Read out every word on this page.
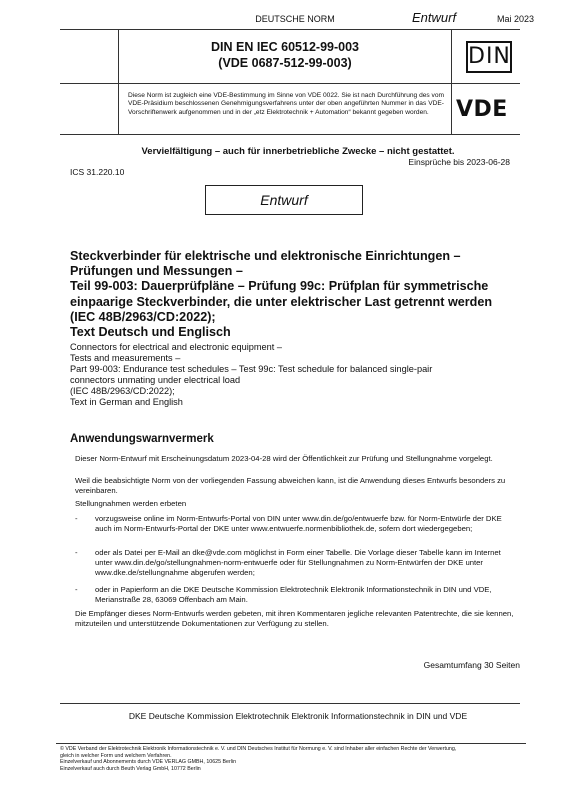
DEUTSCHE NORM	Entwurf	Mai 2023
DIN EN IEC 60512-99-003
(VDE 0687-512-99-003)	DIN
Diese Norm ist zugleich eine VDE-Bestimmung im Sinne von VDE 0022. Sie ist nach Durchführung des vom VDE-Präsidium beschlossenen Genehmigungsverfahrens unter der oben angeführten Nummer in das VDE-Vorschriftenwerk aufgenommen und in der „etz Elektrotechnik + Automation“ bekannt gegeben worden.	VDE
Vervielfältigung – auch für innerbetriebliche Zwecke – nicht gestattet.
Einsprüche bis 2023-06-28
ICS 31.220.10
Entwurf
Steckverbinder für elektrische und elektronische Einrichtungen –
Prüfungen und Messungen –
Teil 99-003: Dauerprüfpläne – Prüfung 99c: Prüfplan für symmetrische
einpaarige Steckverbinder, die unter elektrischer Last getrennt werden
(IEC 48B/2963/CD:2022);
Text Deutsch und Englisch
Connectors for electrical and electronic equipment –
Tests and measurements –
Part 99-003: Endurance test schedules – Test 99c: Test schedule for balanced single-pair
connectors unmating under electrical load
(IEC 48B/2963/CD:2022);
Text in German and English
Anwendungswarnvermerk
Dieser Norm-Entwurf mit Erscheinungsdatum 2023-04-28 wird der Öffentlichkeit zur Prüfung und Stellungnahme vorgelegt.
Weil die beabsichtigte Norm von der vorliegenden Fassung abweichen kann, ist die Anwendung dieses Entwurfs besonders zu vereinbaren.
Stellungnahmen werden erbeten
- vorzugsweise online im Norm-Entwurfs-Portal von DIN unter www.din.de/go/entwuerfe bzw. für Norm-Entwürfe der DKE auch im Norm-Entwurfs-Portal der DKE unter www.entwuerfe.normenbibliothek.de, sofern dort wiedergegeben;
- oder als Datei per E-Mail an dke@vde.com möglichst in Form einer Tabelle. Die Vorlage dieser Tabelle kann im Internet unter www.din.de/go/stellungnahmen-norm-entwuerfe oder für Stellungnahmen zu Norm-Entwürfen der DKE unter www.dke.de/stellungnahme abgerufen werden;
- oder in Papierform an die DKE Deutsche Kommission Elektrotechnik Elektronik Informationstechnik in DIN und VDE, Merianstraße 28, 63069 Offenbach am Main.
Die Empfänger dieses Norm-Entwurfs werden gebeten, mit ihren Kommentaren jegliche relevanten Patentrechte, die sie kennen, mitzuteilen und unterstützende Dokumentationen zur Verfügung zu stellen.
Gesamtumfang 30 Seiten
DKE Deutsche Kommission Elektrotechnik Elektronik Informationstechnik in DIN und VDE
© VDE Verband der Elektrotechnik Elektronik Informationstechnik e. V. und DIN Deutsches Institut für Normung e. V. sind Inhaber aller einfachen Rechte der Verwertung,
gleich in welcher Form und welchem Verfahren.
Einzelverkauf und Abonnements durch VDE VERLAG GMBH, 10625 Berlin
Einzelverkauf auch durch Beuth Verlag GmbH, 10772 Berlin
